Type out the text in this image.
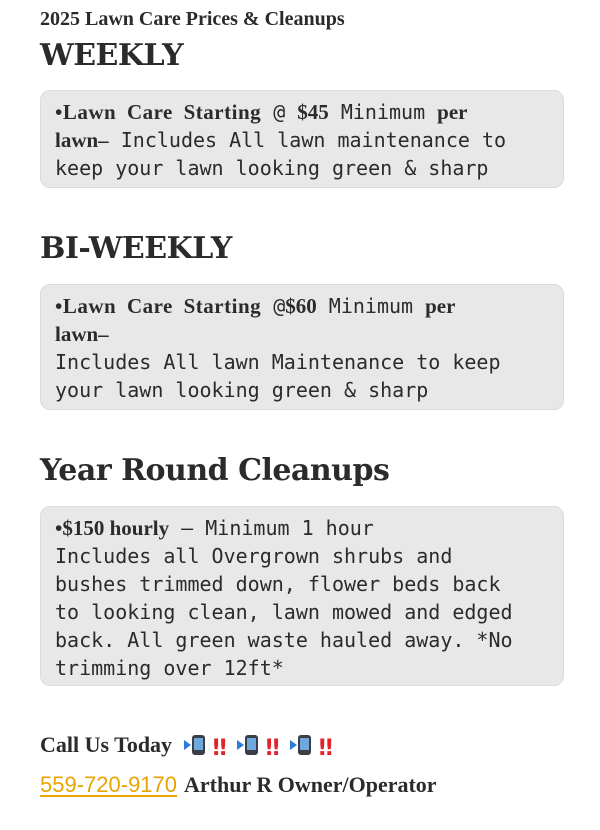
2025 Lawn Care Prices & Cleanups
WEEKLY
•Lawn Care Starting @ $45 Minimum per
lawn– Includes All lawn maintenance to
keep your lawn looking green & sharp
BI-WEEKLY
•Lawn Care Starting @$60 Minimum per
lawn–
Includes All lawn Maintenance to keep
your lawn looking green & sharp
Year Round Cleanups
•$150 hourly – Minimum 1 hour
Includes all Overgrown shrubs and
bushes trimmed down, flower beds back
to looking clean, lawn mowed and edged
back. All green waste hauled away. *No
trimming over 12ft*
Call Us Today !! !! !!
559-720-9170 Arthur R Owner/Operator
